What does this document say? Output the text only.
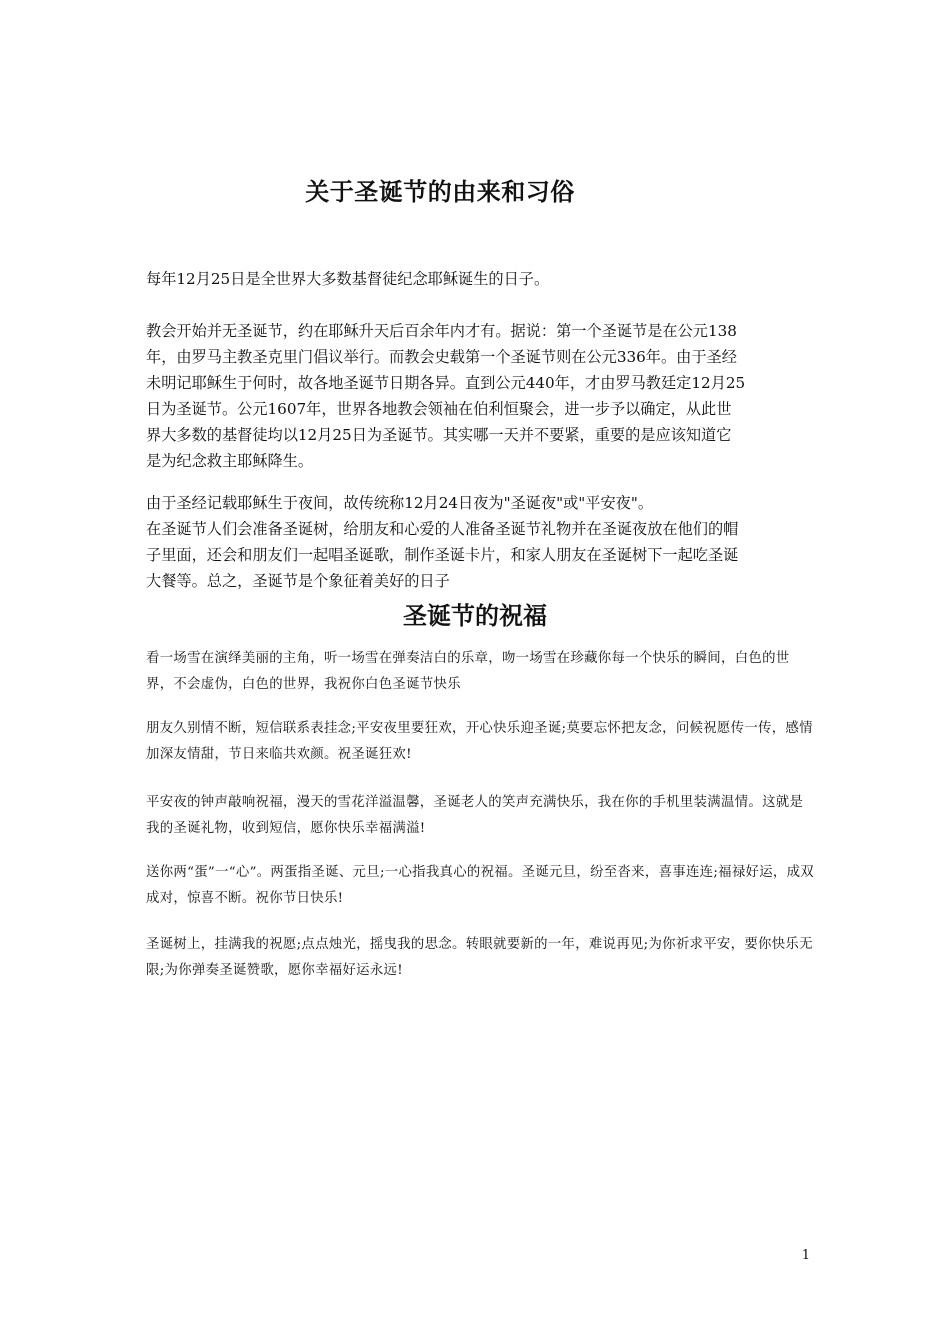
关于圣诞节的由来和习俗

每年12月25日是全世界大多数基督徒纪念耶稣诞生的日子。

教会开始并无圣诞节，约在耶稣升天后百余年内才有。据说：第一个圣诞节是在公元138年，由罗马主教圣克里门倡议举行。而教会史载第一个圣诞节则在公元336年。由于圣经未明记耶稣生于何时，故各地圣诞节日期各异。直到公元440年，才由罗马教廷定12月25日为圣诞节。公元1607年，世界各地教会领袖在伯利恒聚会，进一步予以确定，从此世界大多数的基督徒均以12月25日为圣诞节。其实哪一天并不要紧，重要的是应该知道它是为纪念救主耶稣降生。

由于圣经记载耶稣生于夜间，故传统称12月24日夜为"圣诞夜"或"平安夜"。

在圣诞节人们会准备圣诞树，给朋友和心爱的人准备圣诞节礼物并在圣诞夜放在他们的帽子里面，还会和朋友们一起唱圣诞歌，制作圣诞卡片，和家人朋友在圣诞树下一起吃圣诞大餐等。总之，圣诞节是个象征着美好的日子

圣诞节的祝福

看一场雪在演绎美丽的主角，听一场雪在弹奏洁白的乐章，吻一场雪在珍藏你每一个快乐的瞬间，白色的世界，不会虚伪，白色的世界，我祝你白色圣诞节快乐

朋友久别情不断，短信联系表挂念;平安夜里要狂欢，开心快乐迎圣诞;莫要忘怀把友念，问候祝愿传一传，感情加深友情甜，节日来临共欢颜。祝圣诞狂欢!

平安夜的钟声敲响祝福，漫天的雪花洋溢温馨，圣诞老人的笑声充满快乐，我在你的手机里装满温情。这就是我的圣诞礼物，收到短信，愿你快乐幸福满溢!

送你两“蛋”一“心”。两蛋指圣诞、元旦;一心指我真心的祝福。圣诞元旦，纷至沓来，喜事连连;福禄好运，成双成对，惊喜不断。祝你节日快乐!

圣诞树上，挂满我的祝愿;点点烛光，摇曳我的思念。转眼就要新的一年，难说再见;为你祈求平安，要你快乐无限;为你弹奏圣诞赞歌，愿你幸福好运永远!

1
